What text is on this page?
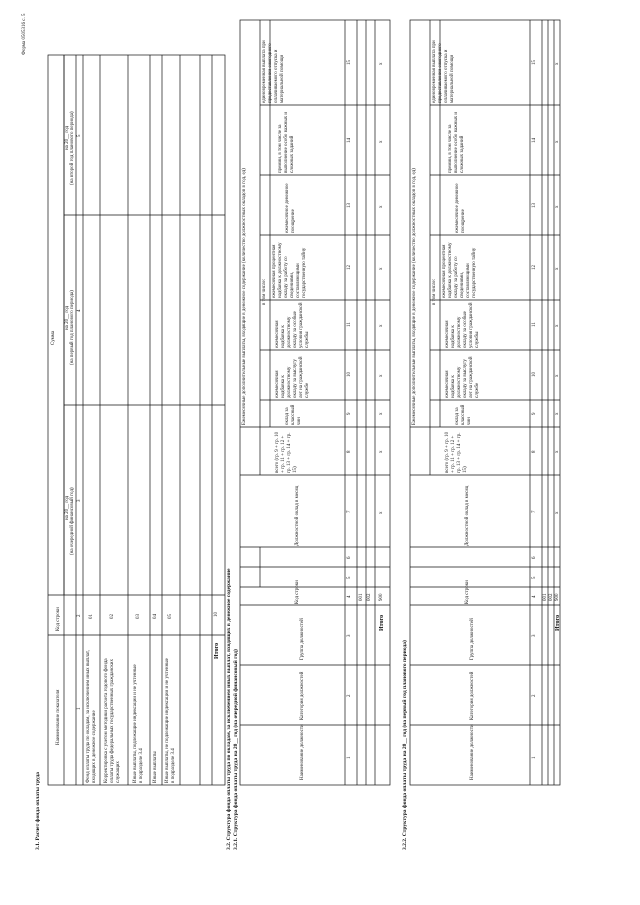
Форма 0505316 с. 5
3.1. Расчет фонда оплаты труда
Наименование показателя
Код строки
Сумма
на 20__ год (на очередной финансовый год)
на 20__ год (на первый год планового периода)
на 20__ год (на второй год планового периода)
1
2
3
4
5
Фонд оплаты труда по окладам, за исключением иных выплат, входящих в денежное содержание
01
Корректировка с учетом методики расчета годового фонда оплаты труда федеральных государственных гражданских служащих
02
Иные выплаты, подлежащие индексации и не учтенные в подразделе 3.4
03
Иные выплаты
04
Иные выплаты, не подлежащие индексации и не учтенные в подразделе 3.4
05
Итого
10 3.2. Структура фонда оплаты труда по окладам, за исключением иных выплат, входящих в денежное содержание 3.2.1. Структура фонда оплаты труда на 20__ год (на очередной финансовый год)	Наименование должности
Категория должностей
Группа должностей
Код строки
Должностной оклад в месяц
Ежемесячные дополнительные выплаты, входящие в денежное содержание (количество должностных окладов в год, ед)
всего (гр. 9 + гр. 10 + гр. 11 + гр. 12 + гр. 13 + гр. 14 + гр. 15)
в том числе:
оклад за классный чин
ежемесячная надбавка к должностному окладу за выслугу лет на гражданской службе
ежемесячная надбавка к должностному окладу за особые условия гражданской службы
ежемесячная процентная надбавка к должностному окладу за работу со сведениями, составляющими государственную тайну
ежемесячное денежное поощрение
премии, в том числе за выполнение особо важных и сложных заданий
единовременная выплата при предоставлении ежегодного оплачиваемого отпуска и материальной помощи
1
2
3
4
5
6
7
8
9
10
11
12
13
14
15
001 002
Итого
900
x
x
x
x
x
x
x
x
x
3.2.2. Структура фонда оплаты труда на 20__ год (на первый год планового периода)	Наименование должности
Категория должностей
Группа должностей
Код строки
Должностной оклад в месяц
Ежемесячные дополнительные выплаты, входящие в денежное содержание (количество должностных окладов в год, ед)
всего (гр. 9 + гр. 10 + гр. 11 + гр. 12 + гр. 13 + гр. 14 + гр. 15)
в том числе:
оклад за классный чин
ежемесячная надбавка к должностному окладу за выслугу лет на гражданской службе
ежемесячная надбавка к должностному окладу за особые условия гражданской службы
ежемесячная процентная надбавка к должностному окладу за работу со сведениями, составляющими государственную тайну
ежемесячное денежное поощрение
премии, в том числе за выполнение особо важных и сложных заданий
единовременная выплата при предоставлении ежегодного оплачиваемого отпуска и материальной помощи
1
2
3
4
5
6
7
8
9
10
11
12
13
14
15
001 002
Итого
900
x
x
x
x
x
x
x
x
x
